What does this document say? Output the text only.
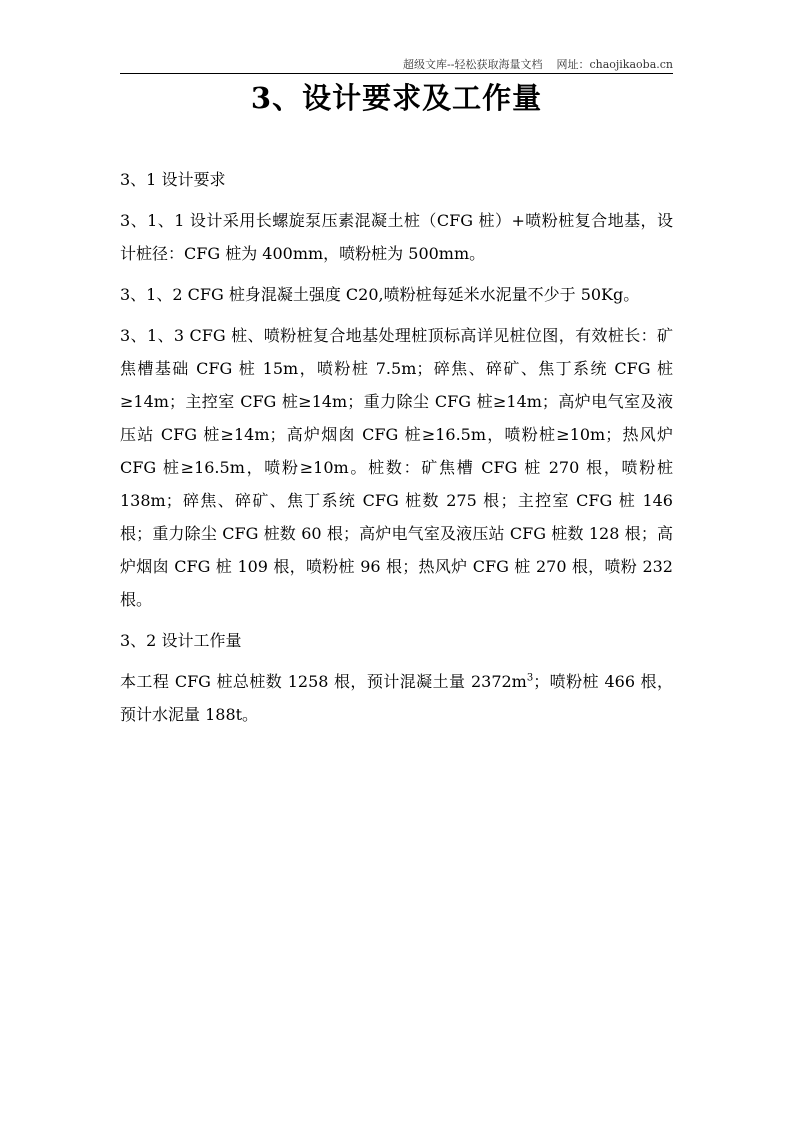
超级文库--轻松获取海量文档 网址：chaojikaoba.cn
3、设计要求及工作量

3、1 设计要求

3、1、1 设计采用长螺旋泵压素混凝土桩（CFG 桩）+喷粉桩复合地基，设计桩径：CFG 桩为 400mm，喷粉桩为 500mm。

3、1、2 CFG 桩身混凝土强度 C20,喷粉桩每延米水泥量不少于 50Kg。

3、1、3 CFG 桩、喷粉桩复合地基处理桩顶标高详见桩位图，有效桩长：矿焦槽基础 CFG 桩 15m，喷粉桩 7.5m；碎焦、碎矿、焦丁系统 CFG 桩≥14m；主控室 CFG 桩≥14m；重力除尘 CFG 桩≥14m；高炉电气室及液压站 CFG 桩≥14m；高炉烟囱 CFG 桩≥16.5m，喷粉桩≥10m；热风炉 CFG 桩≥16.5m，喷粉≥10m。桩数：矿焦槽 CFG 桩 270 根，喷粉桩 138m；碎焦、碎矿、焦丁系统 CFG 桩数 275 根；主控室 CFG 桩 146 根；重力除尘 CFG 桩数 60 根；高炉电气室及液压站 CFG 桩数 128 根；高炉烟囱 CFG 桩 109 根，喷粉桩 96 根；热风炉 CFG 桩 270 根，喷粉 232 根。

3、2 设计工作量

本工程 CFG 桩总桩数 1258 根，预计混凝土量 $2372m^3$；喷粉桩 466 根，预计水泥量 188t。
